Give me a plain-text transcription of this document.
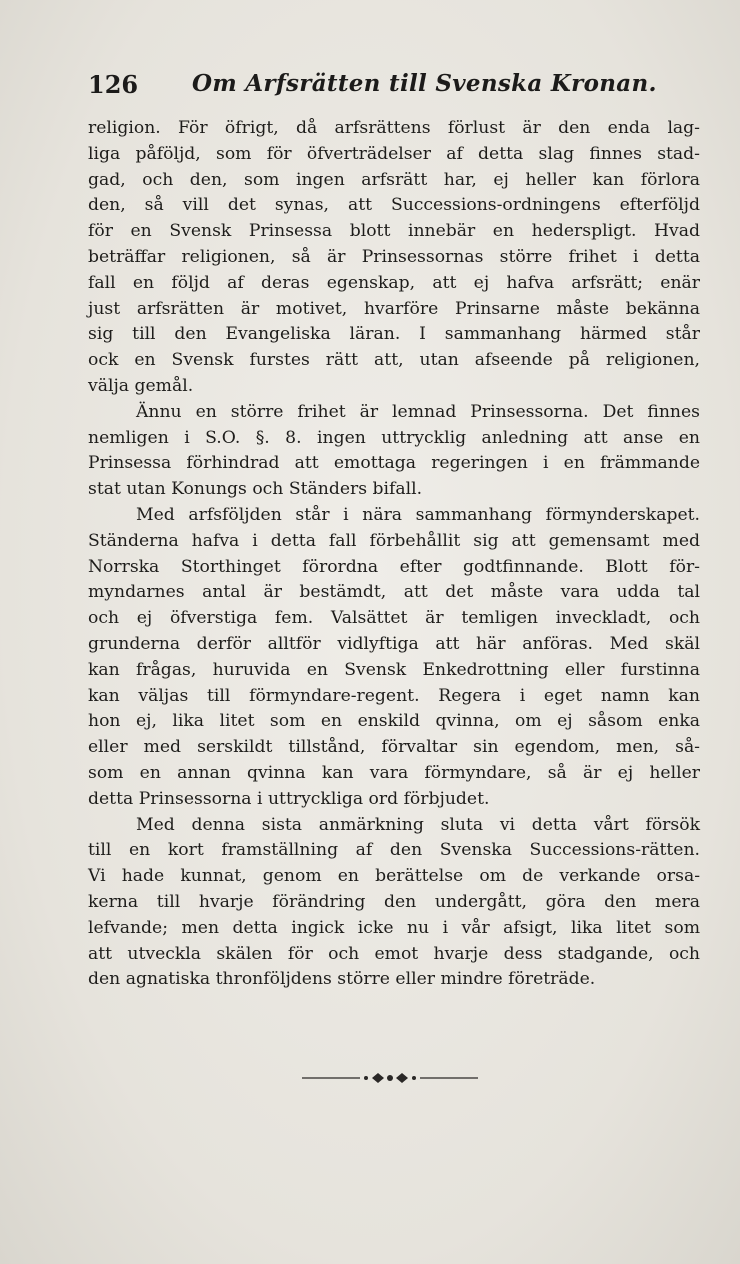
126 Om Arfsrätten till Svenska Kronan.

religion. För öfrigt, då arfsrättens förlust är den enda lag-
liga påföljd, som för öfverträdelser af detta slag finnes stad-
gad, och den, som ingen arfsrätt har, ej heller kan förlora
den, så vill det synas, att Successions-ordningens efterföljd
för en Svensk Prinsessa blott innebär en hederspligt. Hvad
beträffar religionen, så är Prinsessornas större frihet i detta
fall en följd af deras egenskap, att ej hafva arfsrätt; enär
just arfsrätten är motivet, hvarföre Prinsarne måste bekänna
sig till den Evangeliska läran. I sammanhang härmed står
ock en Svensk furstes rätt att, utan afseende på religionen,
välja gemål.

Ännu en större frihet är lemnad Prinsessorna. Det finnes
nemligen i S.O. §. 8. ingen uttrycklig anledning att anse en
Prinsessa förhindrad att emottaga regeringen i en främmande
stat utan Konungs och Ständers bifall.

Med arfsföljden står i nära sammanhang förmynderskapet.
Ständerna hafva i detta fall förbehållit sig att gemensamt med
Norrska Storthinget förordna efter godtfinnande. Blott för-
myndarnes antal är bestämdt, att det måste vara udda tal
och ej öfverstiga fem. Valsättet är temligen inveckladt, och
grunderna derför alltför vidlyftiga att här anföras. Med skäl
kan frågas, huruvida en Svensk Enkedrottning eller furstinna
kan väljas till förmyndare-regent. Regera i eget namn kan
hon ej, lika litet som en enskild qvinna, om ej såsom enka
eller med serskildt tillstånd, förvaltar sin egendom, men, så-
som en annan qvinna kan vara förmyndare, så är ej heller
detta Prinsessorna i uttryckliga ord förbjudet.

Med denna sista anmärkning sluta vi detta vårt försök
till en kort framställning af den Svenska Successions-rätten.
Vi hade kunnat, genom en berättelse om de verkande orsa-
kerna till hvarje förändring den undergått, göra den mera
lefvande; men detta ingick icke nu i vår afsigt, lika litet som
att utveckla skälen för och emot hvarje dess stadgande, och
den agnatiska thronföljdens större eller mindre företräde.
